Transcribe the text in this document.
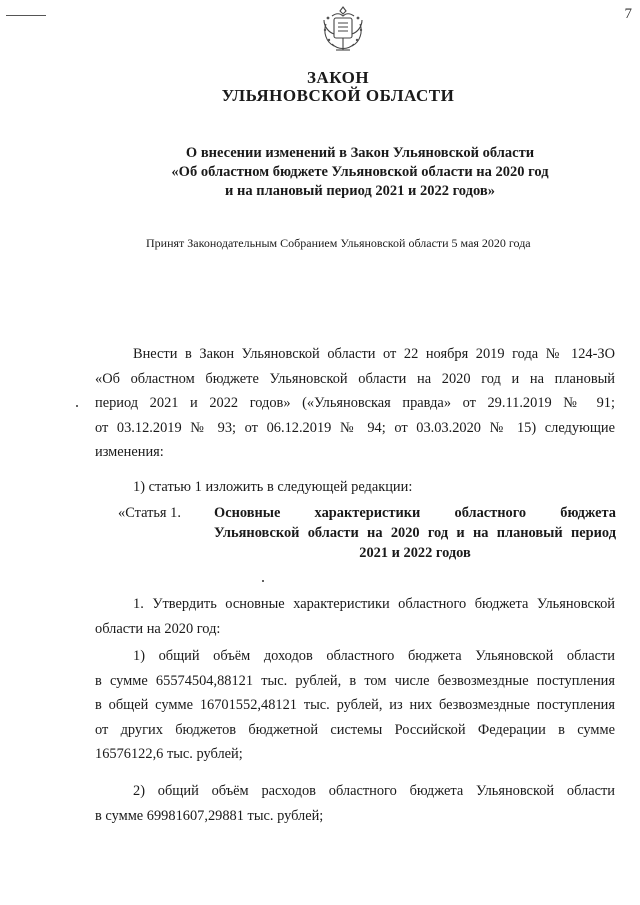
7
ЗАКОН
УЛЬЯНОВСКОЙ ОБЛАСТИ
О внесении изменений в Закон Ульяновской области
«Об областном бюджете Ульяновской области на 2020 год
и на плановый период 2021 и 2022 годов»
Принят Законодательным Собранием Ульяновской области 5 мая 2020 года
Внести в Закон Ульяновской области от 22 ноября 2019 года № 124-ЗО
«Об областном бюджете Ульяновской области на 2020 год и на плановый
период 2021 и 2022 годов» («Ульяновская правда» от 29.11.2019 № 91;
от 03.12.2019 № 93; от 06.12.2019 № 94; от 03.03.2020 № 15) следующие
изменения:
1) статью 1 изложить в следующей редакции:
«Статья 1. Основные характеристики областного бюджета
Ульяновской области на 2020 год и на плановый период
2021 и 2022 годов
1. Утвердить основные характеристики областного бюджета Ульяновской
области на 2020 год:
1) общий объём доходов областного бюджета Ульяновской области
в сумме 65574504,88121 тыс. рублей, в том числе безвозмездные поступления
в общей сумме 16701552,48121 тыс. рублей, из них безвозмездные поступления
от других бюджетов бюджетной системы Российской Федерации в сумме
16576122,6 тыс. рублей;
2) общий объём расходов областного бюджета Ульяновской области
в сумме 69981607,29881 тыс. рублей;
